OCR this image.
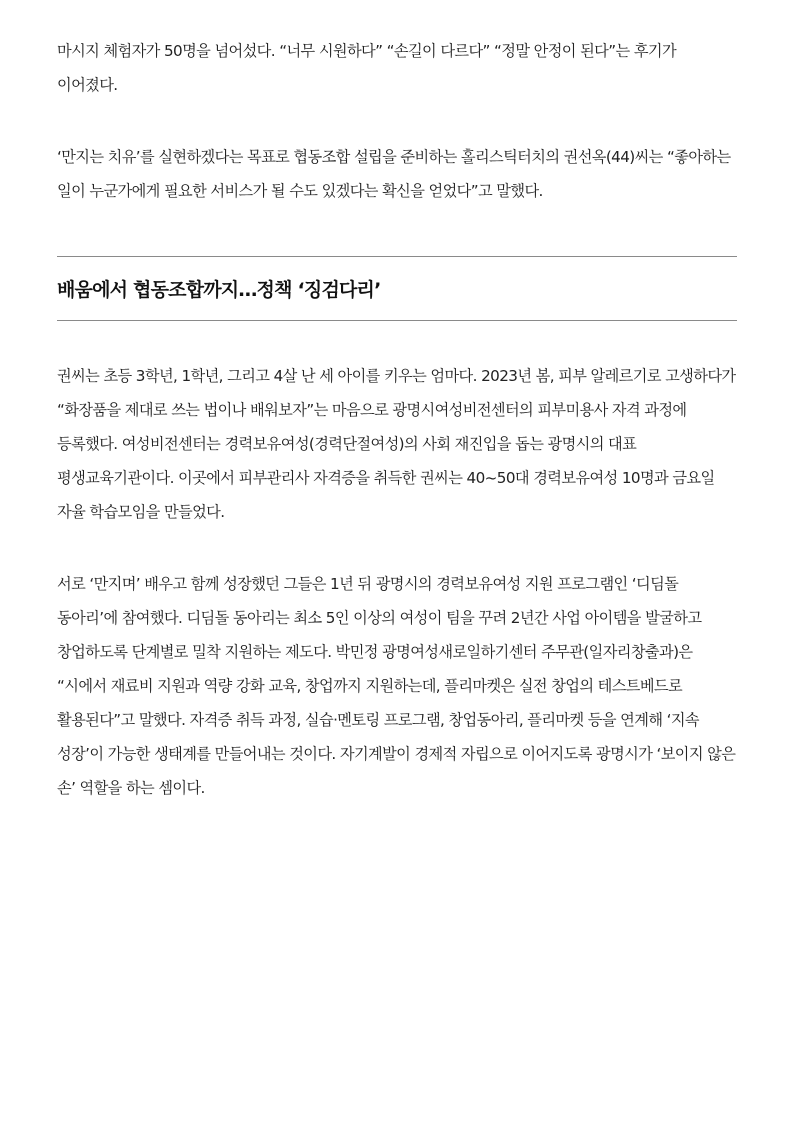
마시지 체험자가 50명을 넘어섰다. “너무 시원하다” “손길이 다르다” “정말 안정이 된다”는 후기가 이어졌다.

‘만지는 치유’를 실현하겠다는 목표로 협동조합 설립을 준비하는 홀리스틱터치의 권선옥(44)씨는 “좋아하는 일이 누군가에게 필요한 서비스가 될 수도 있겠다는 확신을 얻었다”고 말했다.

배움에서 협동조합까지…정책 ‘징검다리’

권씨는 초등 3학년, 1학년, 그리고 4살 난 세 아이를 키우는 엄마다. 2023년 봄, 피부 알레르기로 고생하다가 “화장품을 제대로 쓰는 법이나 배워보자”는 마음으로 광명시여성비전센터의 피부미용사 자격 과정에 등록했다. 여성비전센터는 경력보유여성(경력단절여성)의 사회 재진입을 돕는 광명시의 대표 평생교육기관이다. 이곳에서 피부관리사 자격증을 취득한 권씨는 40~50대 경력보유여성 10명과 금요일 자율 학습모임을 만들었다.

서로 ‘만지며’ 배우고 함께 성장했던 그들은 1년 뒤 광명시의 경력보유여성 지원 프로그램인 ‘디딤돌 동아리’에 참여했다. 디딤돌 동아리는 최소 5인 이상의 여성이 팀을 꾸려 2년간 사업 아이템을 발굴하고 창업하도록 단계별로 밀착 지원하는 제도다. 박민정 광명여성새로일하기센터 주무관(일자리창출과)은 “시에서 재료비 지원과 역량 강화 교육, 창업까지 지원하는데, 플리마켓은 실전 창업의 테스트베드로 활용된다”고 말했다. 자격증 취득 과정, 실습·멘토링 프로그램, 창업동아리, 플리마켓 등을 연계해 ‘지속 성장’이 가능한 생태계를 만들어내는 것이다. 자기계발이 경제적 자립으로 이어지도록 광명시가 ‘보이지 않은 손’ 역할을 하는 셈이다.
